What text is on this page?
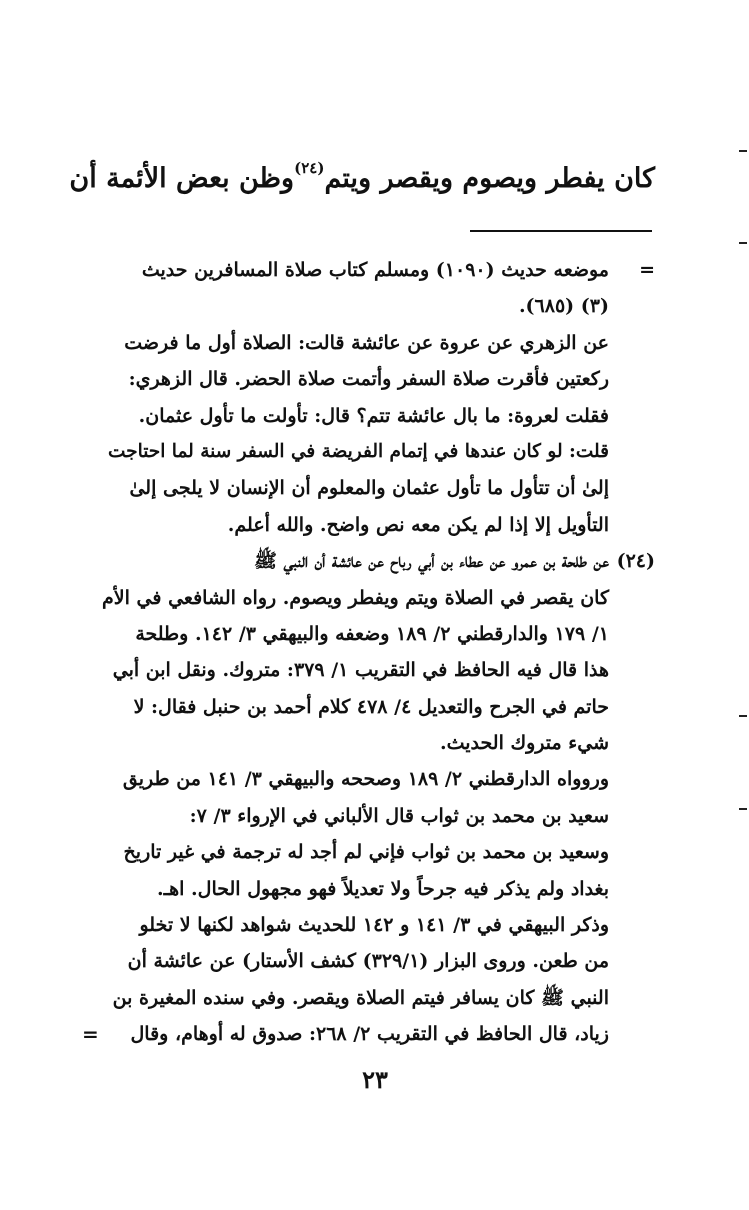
كان يفطر ويصوم ويقصر ويتم$^{(٢٤)}$وظن بعض الأئمة أن
=موضعه حديث (١٠٩٠) ومسلم كتاب صلاة المسافرين حديث
(٣) (٦٨٥).
عن الزهري عن عروة عن عائشة قالت: الصلاة أول ما فرضت
ركعتين فأقرت صلاة السفر وأتمت صلاة الحضر. قال الزهري:
فقلت لعروة: ما بال عائشة تتم؟ قال: تأولت ما تأول عثمان.
قلت: لو كان عندها في إتمام الفريضة في السفر سنة لما احتاجت
إلىٰ أن تتأول ما تأول عثمان والمعلوم أن الإنسان لا يلجى إلىٰ
التأويل إلا إذا لم يكن معه نص واضح. والله أعلم.
(٢٤)عن طلحة بن عمرو عن عطاء بن أبي رباح عن عائشة أن النبي ﷺ
كان يقصر في الصلاة ويتم ويفطر ويصوم. رواه الشافعي في الأم
١/ ١٧٩ والدارقطني ٢/ ١٨٩ وضعفه والبيهقي ٣/ ١٤٢. وطلحة
هذا قال فيه الحافظ في التقريب ١/ ٣٧٩: متروك. ونقل ابن أبي
حاتم في الجرح والتعديل ٤/ ٤٧٨ كلام أحمد بن حنبل فقال: لا
شيء متروك الحديث.
وروواه الدارقطني ٢/ ١٨٩ وصححه والبيهقي ٣/ ١٤١ من طريق
سعيد بن محمد بن ثواب قال الألباني في الإرواء ٣/ ٧:
وسعيد بن محمد بن ثواب فإني لم أجد له ترجمة في غير تاريخ
بغداد ولم يذكر فيه جرحاً ولا تعديلاً فهو مجهول الحال. اهـ.
وذكر البيهقي في ٣/ ١٤١ و ١٤٢ للحديث شواهد لكنها لا تخلو
من طعن. وروى البزار (٣٢٩/١) كشف الأستار) عن عائشة أن
النبي ﷺ كان يسافر فيتم الصلاة ويقصر. وفي سنده المغيرة بن
زياد، قال الحافظ في التقريب ٢/ ٢٦٨: صدوق له أوهام، وقال
=
٢٣
